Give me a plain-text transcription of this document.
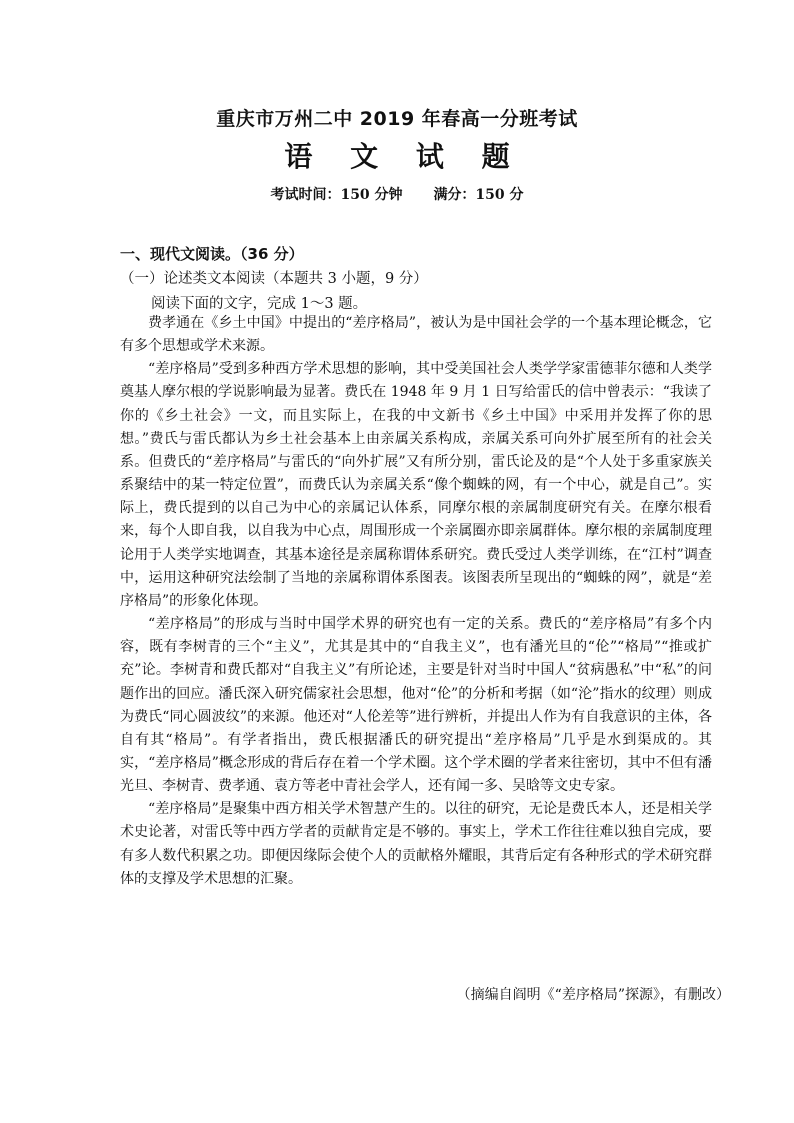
重庆市万州二中 2019 年春高一分班考试
语 文 试 题
考试时间：150 分钟 满分：150 分
一、现代文阅读。（36 分）
（一）论述类文本阅读（本题共 3 小题，9 分）
阅读下面的文字，完成 1～3 题。

费孝通在《乡土中国》中提出的“差序格局”，被认为是中国社会学的一个基本理论概念，它有多个思想或学术来源。

“差序格局”受到多种西方学术思想的影响，其中受美国社会人类学学家雷德菲尔德和人类学奠基人摩尔根的学说影响最为显著。费氏在 1948 年 9 月 1 日写给雷氏的信中曾表示：“我读了你的《乡土社会》一文，而且实际上，在我的中文新书《乡土中国》中采用并发挥了你的思想。”费氏与雷氏都认为乡土社会基本上由亲属关系构成，亲属关系可向外扩展至所有的社会关系。但费氏的“差序格局”与雷氏的“向外扩展”又有所分别，雷氏论及的是“个人处于多重家族关系聚结中的某一特定位置”，而费氏认为亲属关系“像个蜘蛛的网，有一个中心，就是自己”。实际上，费氏提到的以自己为中心的亲属记认体系，同摩尔根的亲属制度研究有关。在摩尔根看来，每个人即自我，以自我为中心点，周围形成一个亲属圈亦即亲属群体。摩尔根的亲属制度理论用于人类学实地调查，其基本途径是亲属称谓体系研究。费氏受过人类学训练，在“江村”调查中，运用这种研究法绘制了当地的亲属称谓体系图表。该图表所呈现出的“蜘蛛的网”，就是“差序格局”的形象化体现。

“差序格局”的形成与当时中国学术界的研究也有一定的关系。费氏的“差序格局”有多个内容，既有李树青的三个“主义”，尤其是其中的“自我主义”，也有潘光旦的“伦”“格局”“推或扩充”论。李树青和费氏都对“自我主义”有所论述，主要是针对当时中国人“贫病愚私”中“私”的问题作出的回应。潘氏深入研究儒家社会思想，他对“伦”的分析和考据（如“沦”指水的纹理）则成为费氏“同心圆波纹”的来源。他还对“人伦差等”进行辨析，并提出人作为有自我意识的主体，各自有其“格局”。有学者指出，费氏根据潘氏的研究提出“差序格局”几乎是水到渠成的。其实，“差序格局”概念形成的背后存在着一个学术圈。这个学术圈的学者来往密切，其中不但有潘光旦、李树青、费孝通、袁方等老中青社会学人，还有闻一多、吴晗等文史专家。

“差序格局”是聚集中西方相关学术智慧产生的。以往的研究，无论是费氏本人，还是相关学术史论著，对雷氏等中西方学者的贡献肯定是不够的。事实上，学术工作往往难以独自完成，要有多人数代积累之功。即便因缘际会使个人的贡献格外耀眼，其背后定有各种形式的学术研究群体的支撑及学术思想的汇聚。

（摘编自阎明《“差序格局”探源》，有删改）
